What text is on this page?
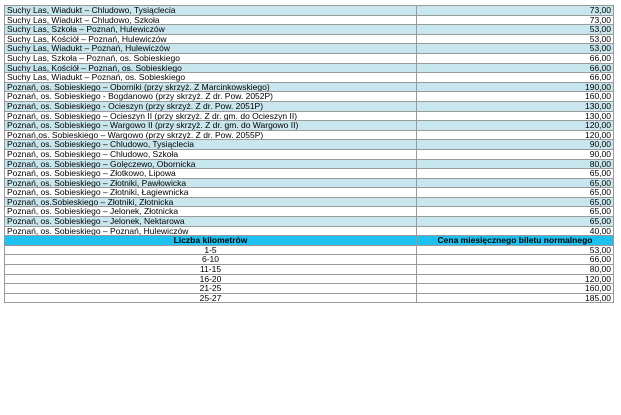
Suchy Las, Wiadukt – Chludowo, Tysiąclecia	73,00
Suchy Las, Wiadukt – Chludowo, Szkoła	73,00
Suchy Las, Szkoła – Poznań, Hulewiczów	53,00
Suchy Las, Kościół – Poznań, Hulewiczów	53,00
Suchy Las, Wiadukt – Poznań, Hulewiczów	53,00
Suchy Las, Szkoła – Poznań, os. Sobieskiego	66,00
Suchy Las, Kościół – Poznań, os. Sobieskiego	66,00
Suchy Las, Wiadukt – Poznań, os. Sobieskiego	66,00
Poznań, os. Sobieskiego – Oborniki (przy skrzyż. Z Marcinkowskiego)	190,00
Poznań, os. Sobieskiego - Bogdanowo (przy skrzyż. Z dr. Pow. 2052P)	160,00
Poznań, os. Sobieskiego - Ocieszyn (przy skrzyż. Z dr. Pow. 2051P)	130,00
Poznań, os. Sobieskiego – Ocieszyn II (przy skrzyż. Z dr. gm. do Ocieszyn II)	130,00
Poznań, os. Sobieskiego – Wargowo II (przy skrzyż. Z dr. gm. do Wargowo II)	120,00
Poznań,os. Sobieskiego – Wargowo (przy skrzyż. Z dr. Pow. 2055P)	120,00
Poznań, os. Sobieskiego – Chludowo, Tysiąclecia	90,00
Poznań, os. Sobieskiego – Chludowo, Szkoła	90,00
Poznań, os. Sobieskiego – Golęczewo, Obornicka	80,00
Poznań, os. Sobieskiego – Złotkowo, Lipowa	65,00
Poznań, os. Sobieskiego – Złotniki, Pawłowicka	65,00
Poznań, os. Sobieskiego – Złotniki, Łagiewnicka	65,00
Poznań, os.Sobieskiego – Złotniki, Złotnicka	65,00
Poznań, os. Sobieskiego – Jelonek, Złotnicka	65,00
Poznań, os. Sobieskiego – Jelonek, Nektarowa	65,00
Poznań, os. Sobieskiego – Poznań, Hulewiczów	40,00
Liczba kilometrów	Cena miesięcznego biletu normalnego
1-5	53,00
6-10	66,00
11-15	80,00
16-20	120,00
21-25	160,00
25-27	185,00
